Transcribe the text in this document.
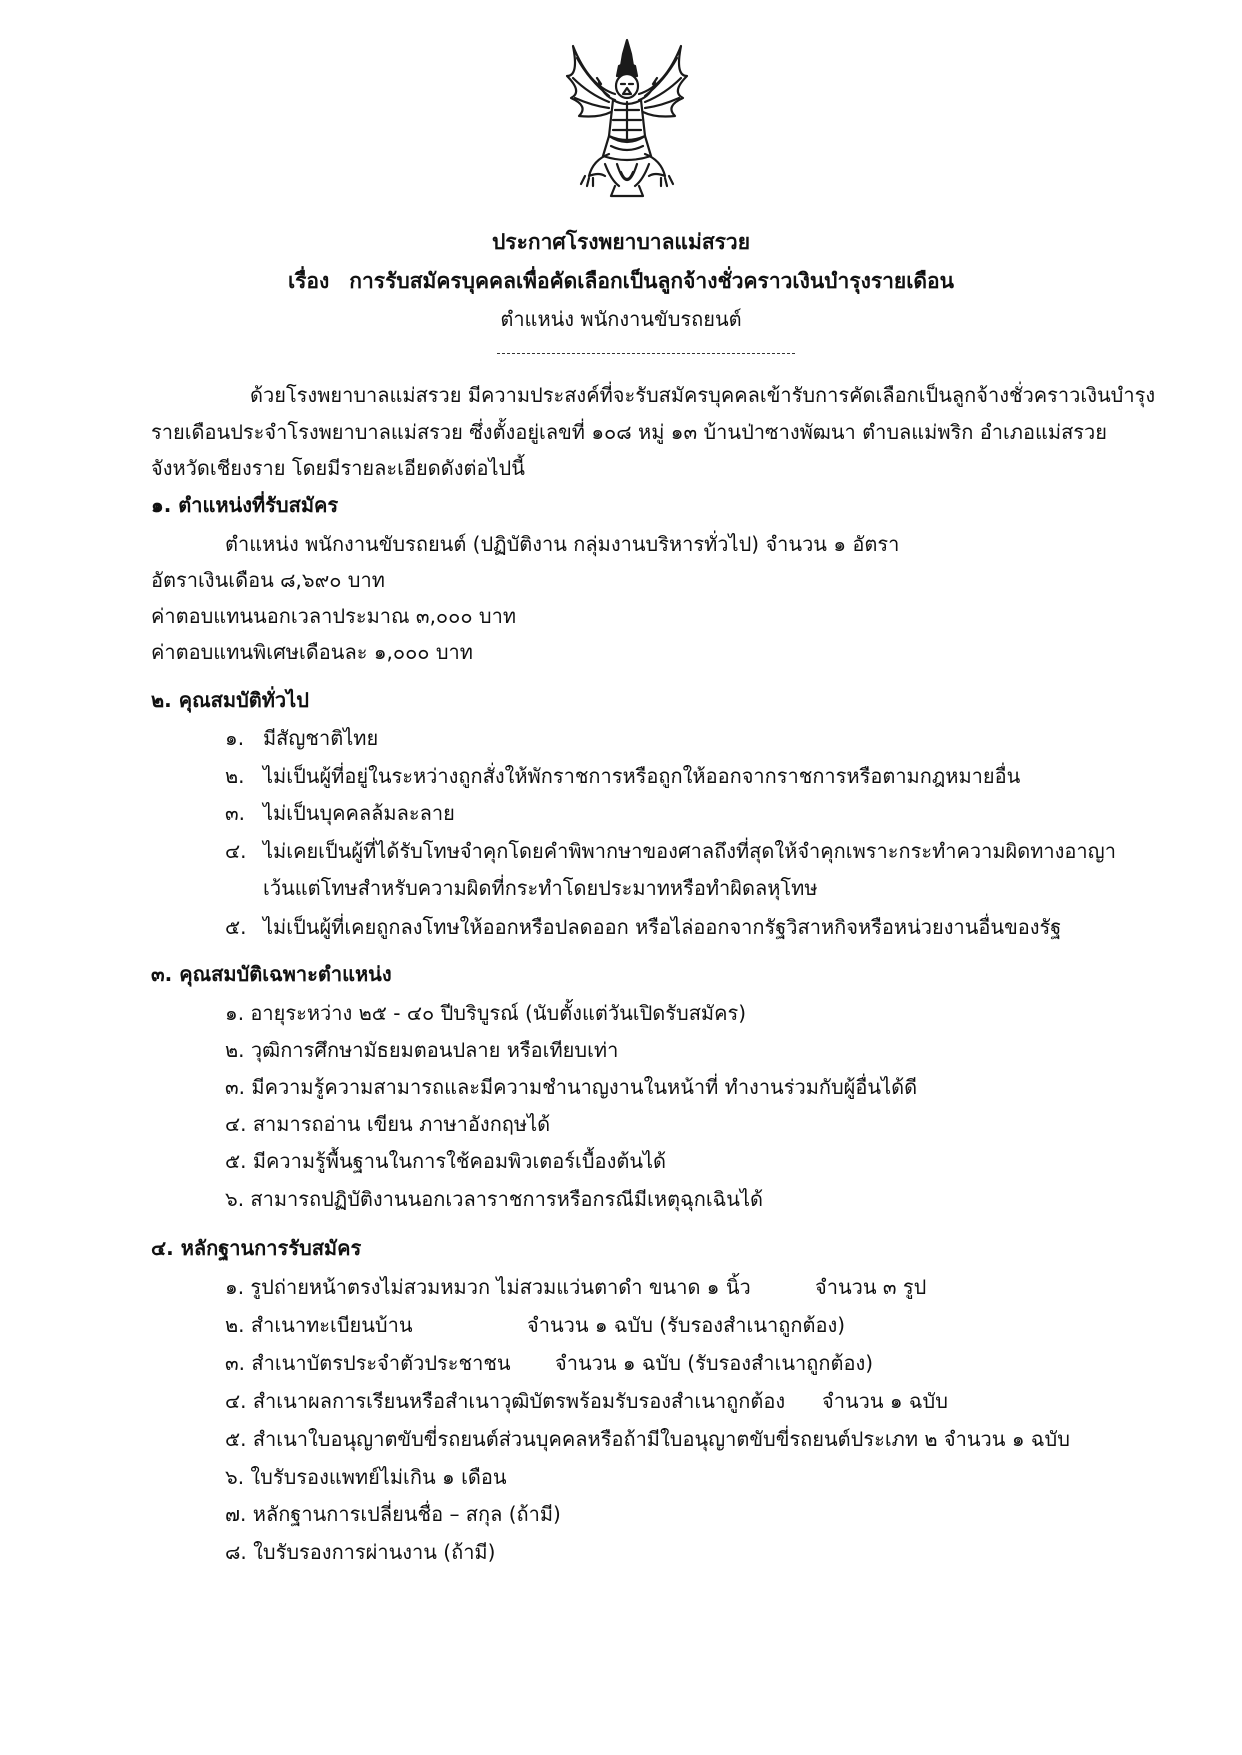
ประกาศโรงพยาบาลแม่สรวย
เรื่อง การรับสมัครบุคคลเพื่อคัดเลือกเป็นลูกจ้างชั่วคราวเงินบำรุงรายเดือน
ตำแหน่ง พนักงานขับรถยนต์
ด้วยโรงพยาบาลแม่สรวย มีความประสงค์ที่จะรับสมัครบุคคลเข้ารับการคัดเลือกเป็นลูกจ้างชั่วคราวเงินบำรุง
รายเดือนประจำโรงพยาบาลแม่สรวย ซึ่งตั้งอยู่เลขที่ ๑๐๘ หมู่ ๑๓ บ้านป่าซางพัฒนา ตำบลแม่พริก อำเภอแม่สรวย
จังหวัดเชียงราย โดยมีรายละเอียดดังต่อไปนี้
๑. ตำแหน่งที่รับสมัคร
ตำแหน่ง พนักงานขับรถยนต์ (ปฏิบัติงาน กลุ่มงานบริหารทั่วไป) จำนวน ๑ อัตรา
อัตราเงินเดือน ๘,๖๙๐ บาท
ค่าตอบแทนนอกเวลาประมาณ ๓,๐๐๐ บาท
ค่าตอบแทนพิเศษเดือนละ ๑,๐๐๐ บาท
๒. คุณสมบัติทั่วไป
๑. มีสัญชาติไทย
๒. ไม่เป็นผู้ที่อยู่ในระหว่างถูกสั่งให้พักราชการหรือถูกให้ออกจากราชการหรือตามกฎหมายอื่น
๓. ไม่เป็นบุคคลล้มละลาย
๔. ไม่เคยเป็นผู้ที่ได้รับโทษจำคุกโดยคำพิพากษาของศาลถึงที่สุดให้จำคุกเพราะกระทำความผิดทางอาญา
เว้นแต่โทษสำหรับความผิดที่กระทำโดยประมาทหรือทำผิดลหุโทษ
๕. ไม่เป็นผู้ที่เคยถูกลงโทษให้ออกหรือปลดออก หรือไล่ออกจากรัฐวิสาหกิจหรือหน่วยงานอื่นของรัฐ
๓. คุณสมบัติเฉพาะตำแหน่ง
๑. อายุระหว่าง ๒๕ - ๔๐ ปีบริบูรณ์ (นับตั้งแต่วันเปิดรับสมัคร)
๒. วุฒิการศึกษามัธยมตอนปลาย หรือเทียบเท่า
๓. มีความรู้ความสามารถและมีความชำนาญงานในหน้าที่ ทำงานร่วมกับผู้อื่นได้ดี
๔. สามารถอ่าน เขียน ภาษาอังกฤษได้
๕. มีความรู้พื้นฐานในการใช้คอมพิวเตอร์เบื้องต้นได้
๖. สามารถปฏิบัติงานนอกเวลาราชการหรือกรณีมีเหตุฉุกเฉินได้
๔. หลักฐานการรับสมัคร
๑. รูปถ่ายหน้าตรงไม่สวมหมวก ไม่สวมแว่นตาดำ ขนาด ๑ นิ้ว	จำนวน ๓ รูป
๒. สำเนาทะเบียนบ้าน	จำนวน ๑ ฉบับ (รับรองสำเนาถูกต้อง)
๓. สำเนาบัตรประจำตัวประชาชน จำนวน ๑ ฉบับ (รับรองสำเนาถูกต้อง)
๔. สำเนาผลการเรียนหรือสำเนาวุฒิบัตรพร้อมรับรองสำเนาถูกต้อง จำนวน ๑ ฉบับ
๕. สำเนาใบอนุญาตขับขี่รถยนต์ส่วนบุคคลหรือถ้ามีใบอนุญาตขับขี่รถยนต์ประเภท ๒ จำนวน ๑ ฉบับ
๖. ใบรับรองแพทย์ไม่เกิน ๑ เดือน
๗. หลักฐานการเปลี่ยนชื่อ – สกุล (ถ้ามี)
๘. ใบรับรองการผ่านงาน (ถ้ามี)
